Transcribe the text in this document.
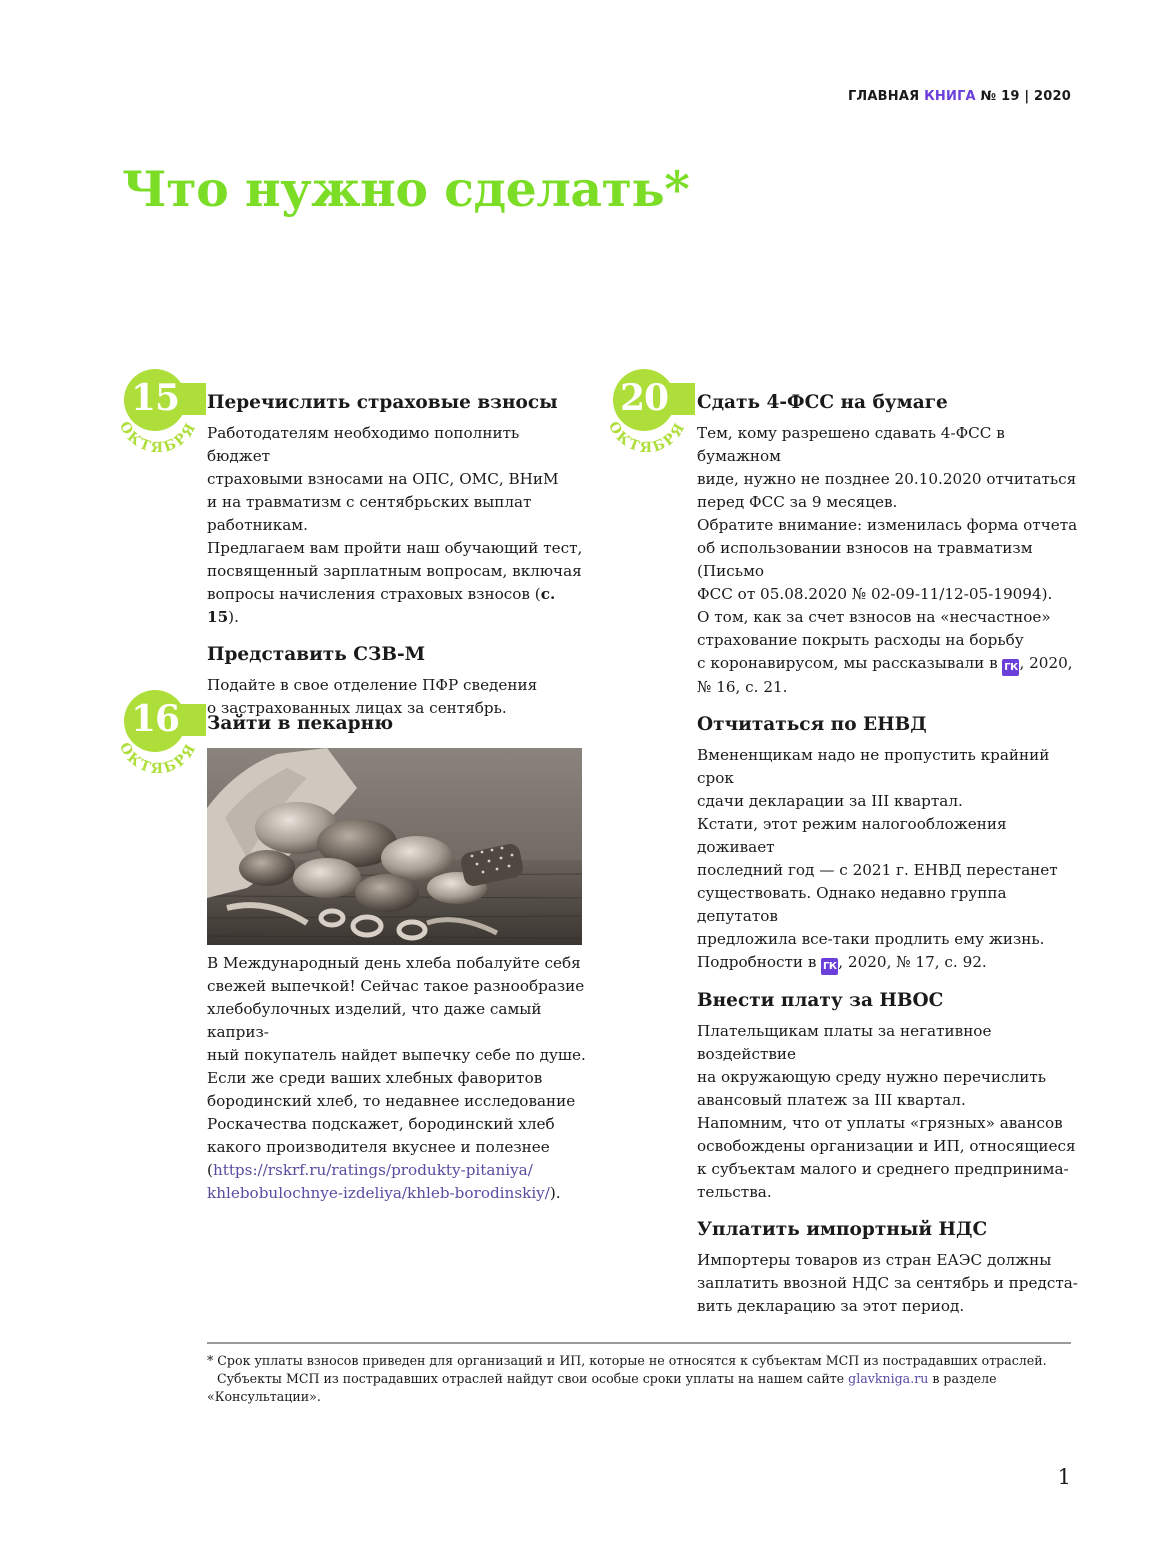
ГЛАВНАЯ КНИГА № 19 | 2020
Что нужно сделать*
15
ОКТЯБРЯ
16
ОКТЯБРЯ
20
ОКТЯБРЯ
Перечислить страховые взносы

Работодателям необходимо пополнить бюджет
страховыми взносами на ОПС, ОМС, ВНиМ
и на травматизм с сентябрьских выплат
работникам.
Предлагаем вам пройти наш обучающий тест,
посвященный зарплатным вопросам, включая
вопросы начисления страховых взносов (с. 15).

Представить СЗВ-М

Подайте в свое отделение ПФР сведения
о застрахованных лицах за сентябрь.

Зайти в пекарню

В Международный день хлеба побалуйте себя
свежей выпечкой! Сейчас такое разнообразие
хлебобулочных изделий, что даже самый каприз-
ный покупатель найдет выпечку себе по душе.
Если же среди ваших хлебных фаворитов
бородинский хлеб, то недавнее исследование
Роскачества подскажет, бородинский хлеб
какого производителя вкуснее и полезнее
(https://rskrf.ru/ratings/produkty-pitaniya/
khlebobulochnye-izdeliya/khleb-borodinskiy/).

Сдать 4-ФСС на бумаге

Тем, кому разрешено сдавать 4-ФСС в бумажном
виде, нужно не позднее 20.10.2020 отчитаться
перед ФСС за 9 месяцев.
Обратите внимание: изменилась форма отчета
об использовании взносов на травматизм (Письмо
ФСС от 05.08.2020 № 02-09-11/12-05-19094).
О том, как за счет взносов на «несчастное»
страхование покрыть расходы на борьбу
с коронавирусом, мы рассказывали в ГК , 2020,
№ 16, с. 21.

Отчитаться по ЕНВД

Вмененщикам надо не пропустить крайний срок
сдачи декларации за III квартал.
Кстати, этот режим налогообложения доживает
последний год — с 2021 г. ЕНВД перестанет
существовать. Однако недавно группа депутатов
предложила все-таки продлить ему жизнь.
Подробности в ГК , 2020, № 17, с. 92.

Внести плату за НВОС

Плательщикам платы за негативное воздействие
на окружающую среду нужно перечислить
авансовый платеж за III квартал.
Напомним, что от уплаты «грязных» авансов
освобождены организации и ИП, относящиеся
к субъектам малого и среднего предпринима-
тельства.

Уплатить импортный НДС

Импортеры товаров из стран ЕАЭС должны
заплатить ввозной НДС за сентябрь и предста-
вить декларацию за этот период.

* Срок уплаты взносов приведен для организаций и ИП, которые не относятся к субъектам МСП из пострадавших отраслей.
Субъекты МСП из пострадавших отраслей найдут свои особые сроки уплаты на нашем сайте glavkniga.ru в разделе
«Консультации».
1
